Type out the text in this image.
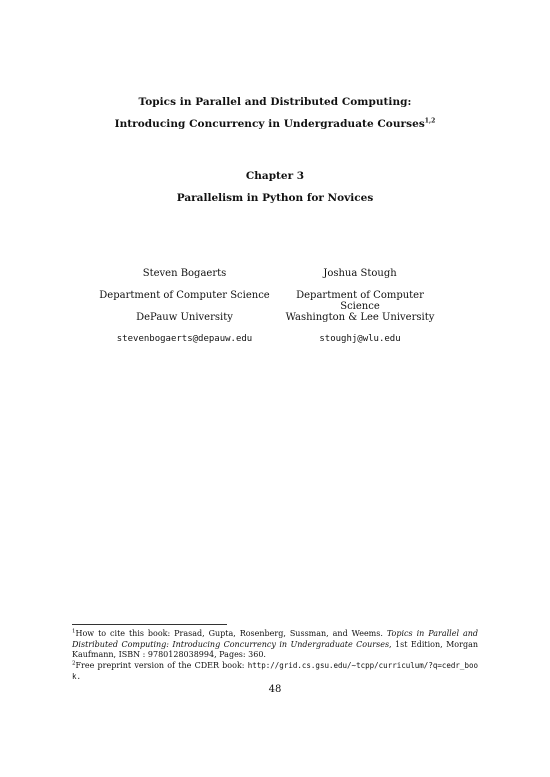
Topics in Parallel and Distributed Computing:
Introducing Concurrency in Undergraduate Courses$^{1,2}$
Chapter 3
Parallelism in Python for Novices
Steven Bogaerts
Department of Computer Science
DePauw University
stevenbogaerts@depauw.edu
Joshua Stough
Department of Computer Science
Washington & Lee University
stoughj@wlu.edu
$^1$How to cite this book: Prasad, Gupta, Rosenberg, Sussman, and Weems. Topics in Parallel and Distributed Computing: Introducing Concurrency in Undergraduate Courses, 1st Edition, Morgan Kaufmann, ISBN : 9780128038994, Pages: 360.
$^2$Free preprint version of the CDER book: http://grid.cs.gsu.edu/~tcpp/curriculum/?q=cedr_book.
48
